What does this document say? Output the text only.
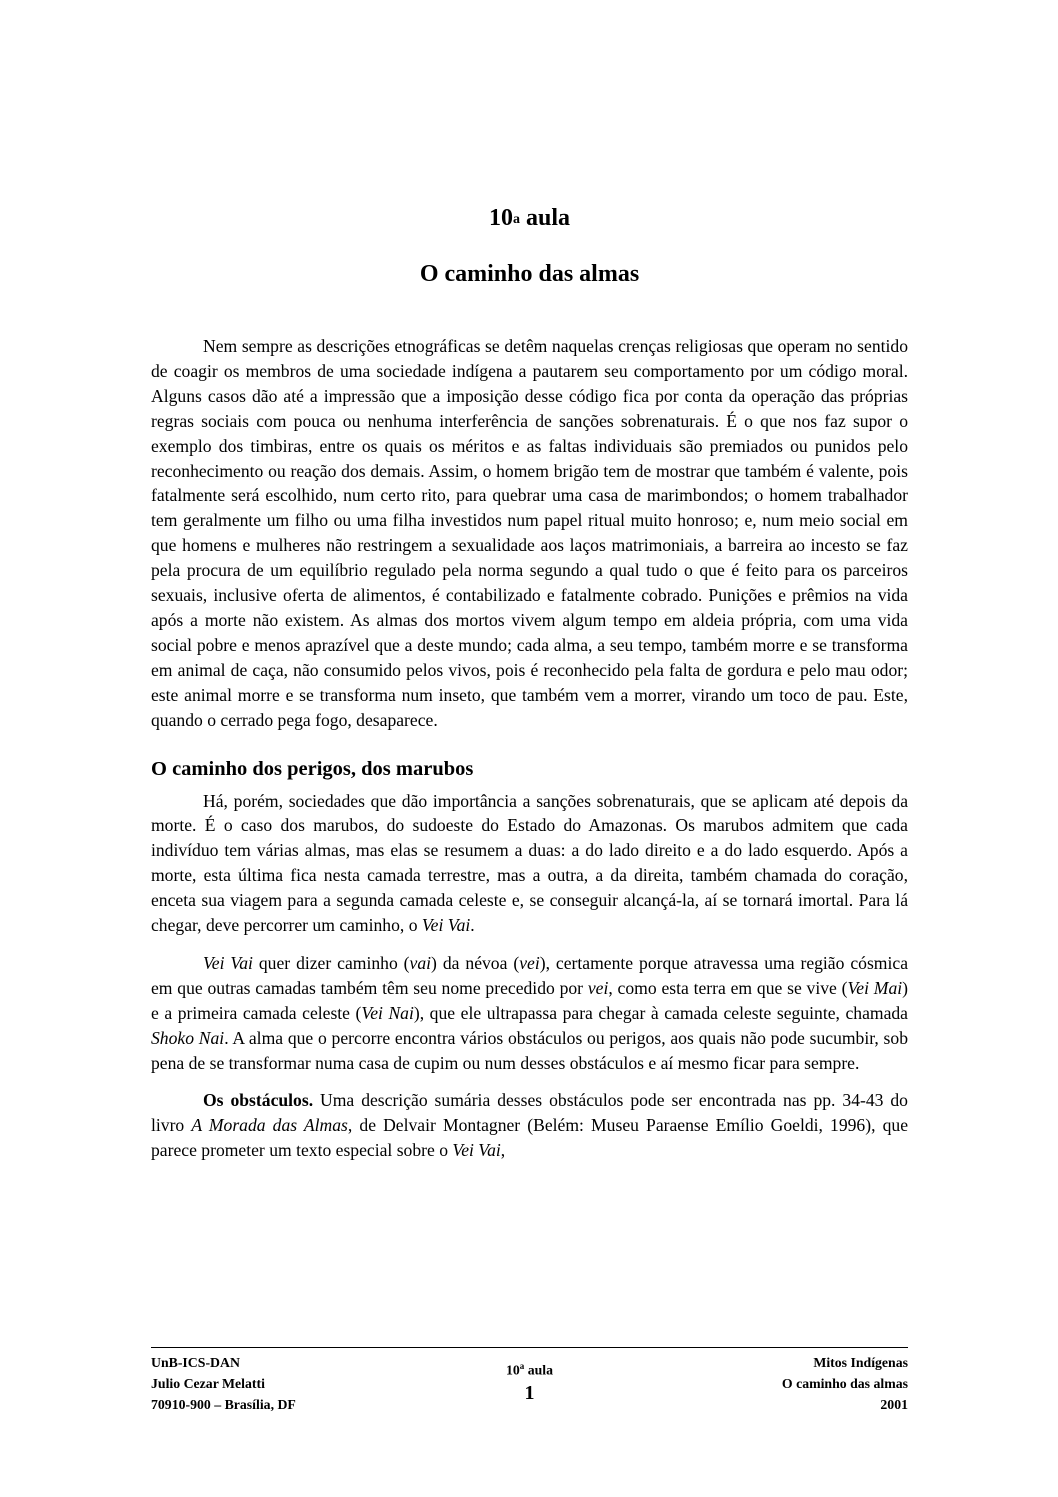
10$^a$ aula
O caminho das almas

Nem sempre as descrições etnográficas se detêm naquelas crenças religiosas que operam no sentido de coagir os membros de uma sociedade indígena a pautarem seu comportamento por um código moral. Alguns casos dão até a impressão que a imposição desse código fica por conta da operação das próprias regras sociais com pouca ou nenhuma interferência de sanções sobrenaturais. É o que nos faz supor o exemplo dos timbiras, entre os quais os méritos e as faltas individuais são premiados ou punidos pelo reconhecimento ou reação dos demais. Assim, o homem brigão tem de mostrar que também é valente, pois fatalmente será escolhido, num certo rito, para quebrar uma casa de marimbondos; o homem trabalhador tem geralmente um filho ou uma filha investidos num papel ritual muito honroso; e, num meio social em que homens e mulheres não restringem a sexualidade aos laços matrimoniais, a barreira ao incesto se faz pela procura de um equilíbrio regulado pela norma segundo a qual tudo o que é feito para os parceiros sexuais, inclusive oferta de alimentos, é contabilizado e fatalmente cobrado. Punições e prêmios na vida após a morte não existem. As almas dos mortos vivem algum tempo em aldeia própria, com uma vida social pobre e menos aprazível que a deste mundo; cada alma, a seu tempo, também morre e se transforma em animal de caça, não consumido pelos vivos, pois é reconhecido pela falta de gordura e pelo mau odor; este animal morre e se transforma num inseto, que também vem a morrer, virando um toco de pau. Este, quando o cerrado pega fogo, desaparece.

O caminho dos perigos, dos marubos

Há, porém, sociedades que dão importância a sanções sobrenaturais, que se aplicam até depois da morte. É o caso dos marubos, do sudoeste do Estado do Amazonas. Os marubos admitem que cada indivíduo tem várias almas, mas elas se resumem a duas: a do lado direito e a do lado esquerdo. Após a morte, esta última fica nesta camada terrestre, mas a outra, a da direita, também chamada do coração, enceta sua viagem para a segunda camada celeste e, se conseguir alcançá-la, aí se tornará imortal. Para lá chegar, deve percorrer um caminho, o Vei Vai.

Vei Vai quer dizer caminho (vai) da névoa (vei), certamente porque atravessa uma região cósmica em que outras camadas também têm seu nome precedido por vei, como esta terra em que se vive (Vei Mai) e a primeira camada celeste (Vei Nai), que ele ultrapassa para chegar à camada celeste seguinte, chamada Shoko Nai. A alma que o percorre encontra vários obstáculos ou perigos, aos quais não pode sucumbir, sob pena de se transformar numa casa de cupim ou num desses obstáculos e aí mesmo ficar para sempre.

Os obstáculos. Uma descrição sumária desses obstáculos pode ser encontrada nas pp. 34-43 do livro A Morada das Almas, de Delvair Montagner (Belém: Museu Paraense Emílio Goeldi, 1996), que parece prometer um texto especial sobre o Vei Vai,

UnB-ICS-DAN
Julio Cezar Melatti
70910-900 – Brasília, DF
10$^a$ aula
1
Mitos Indígenas
O caminho das almas
2001
